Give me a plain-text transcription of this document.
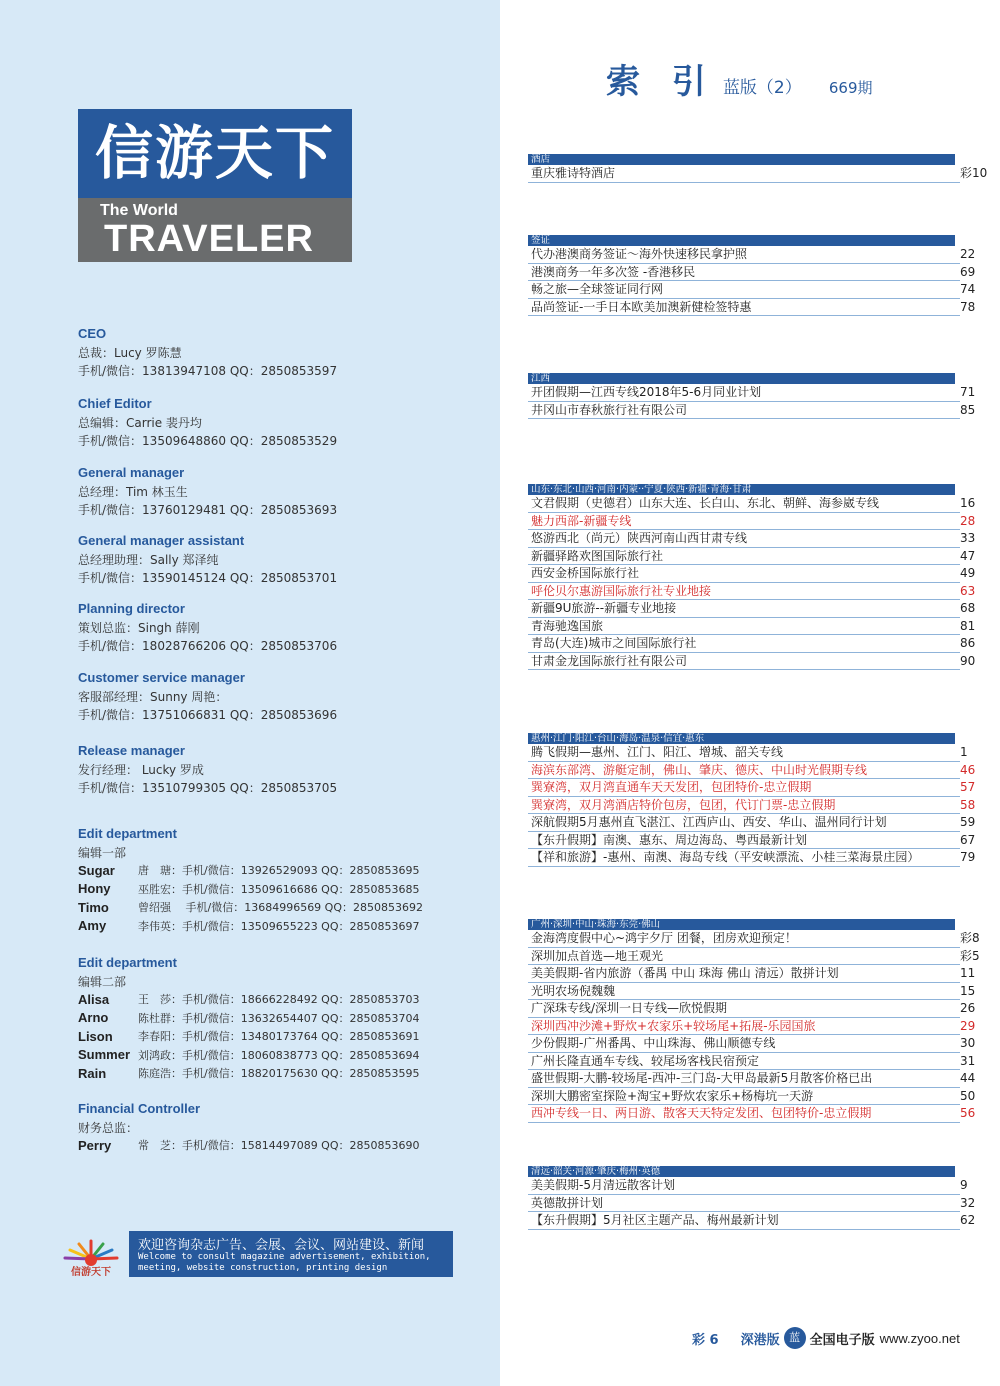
信游天下
The World
TRAVELER
CEO
总裁：Lucy 罗陈慧
手机/微信：13813947108 QQ：2850853597
Chief Editor
总编辑：Carrie 裴丹均
手机/微信：13509648860 QQ：2850853529
General manager
总经理：Tim 林玉生
手机/微信：13760129481 QQ：2850853693
General manager assistant
总经理助理：Sally 郑泽纯
手机/微信：13590145124 QQ：2850853701
Planning director
策划总监：Singh 薛刚
手机/微信：18028766206 QQ：2850853706
Customer service manager
客服部经理：Sunny 周艳：
手机/微信：13751066831 QQ：2850853696
Release manager
发行经理： Lucky 罗成
手机/微信：13510799305 QQ：2850853705
Edit department
编辑一部
Sugar	唐　瑭：手机/微信：13926529093 QQ：2850853695
Hony	巫胜宏：手机/微信：13509616686 QQ：2850853685
Timo	曾绍强　 手机/微信：13684996569 QQ：2850853692
Amy	李伟英：手机/微信：13509655223 QQ：2850853697
Edit department
编辑二部
Alisa	王　莎：手机/微信：18666228492 QQ：2850853703
Arno	陈杜群：手机/微信：13632654407 QQ：2850853704
Lison	李春阳：手机/微信：13480173764 QQ：2850853691
Summer 刘鸿政：手机/微信：18060838773 QQ：2850853694
Rain	陈庭浩：手机/微信：18820175630 QQ：2850853595
Financial Controller
财务总监：
Perry	常　芝：手机/微信：15814497089 QQ：2850853690
信游天下
欢迎咨询杂志广告、会展、会议、网站建设、新闻
Welcome to consult magazine advertisement, exhibition, meeting, website construction, printing design
索 引 蓝版（2） 669期
酒店
重庆雅诗特酒店	彩10
签证
代办港澳商务签证～海外快速移民拿护照	22
港澳商务一年多次签 -香港移民	69
畅之旅—全球签证同行网	74
品尚签证-一手日本欧美加澳新健检签特惠	78
江西
开团假期—江西专线2018年5-6月同业计划	71
井冈山市春秋旅行社有限公司	85
山东·东北·山西·河南·内蒙··宁夏·陕西·新疆·青海·甘肃
文君假期（史德君）山东大连、长白山、东北、朝鲜、海参崴专线	16
魅力西部-新疆专线	28
悠游西北（尚元）陕西河南山西甘肃专线	33
新疆驿路欢图国际旅行社	47
西安金桥国际旅行社	49
呼伦贝尔惠游国际旅行社专业地接	63
新疆9U旅游--新疆专业地接	68
青海驰逸国旅	81
青岛(大连)城市之间国际旅行社	86
甘肃金龙国际旅行社有限公司	90
惠州·江门·阳江·台山·海岛·温泉·信宜·惠东
腾飞假期—惠州、江门、阳江、增城、韶关专线	1
海滨东部湾、游艇定制，佛山、肇庆、德庆、中山时光假期专线	46
巽寮湾，双月湾直通车天天发团，包团特价-忠立假期	57
巽寮湾，双月湾酒店特价包房，包团，代订门票-忠立假期	58
深航假期5月惠州直飞湛江、江西庐山、西安、华山、温州同行计划	59
【东升假期】南澳、惠东、周边海岛、粤西最新计划	67
【祥和旅游】-惠州、南澳、海岛专线（平安峡漂流、小桂三菜海景庄园）	79
广州·深圳·中山·珠海·东莞·佛山
金海湾度假中心~鸿宇夕厅 团餐，团房欢迎预定！	彩8
深圳加点首选—地王观光	彩5
美美假期-省内旅游（番禺 中山 珠海 佛山 清远）散拼计划	11
光明农场倪魏魏	15
广深珠专线/深圳一日专线—欣悦假期	26
深圳西冲沙滩+野炊+农家乐+较场尾+拓展-乐园国旅	29
少份假期-广州番禺、中山珠海、佛山顺德专线	30
广州长隆直通车专线、较尾场客栈民宿预定	31
盛世假期-大鹏-较场尾-西冲-三门岛-大甲岛最新5月散客价格已出	44
深圳大鹏密室探险+淘宝+野炊农家乐+杨梅坑一天游	50
西冲专线一日、两日游、散客天天特定发团、包团特价-忠立假期	56
清远·韶关·河源·肇庆·梅州·英德
美美假期-5月清远散客计划	9
英德散拼计划	32
【东升假期】5月社区主题产品、梅州最新计划	62
彩 6 深港版 蓝 全国电子版 www.zyoo.net
